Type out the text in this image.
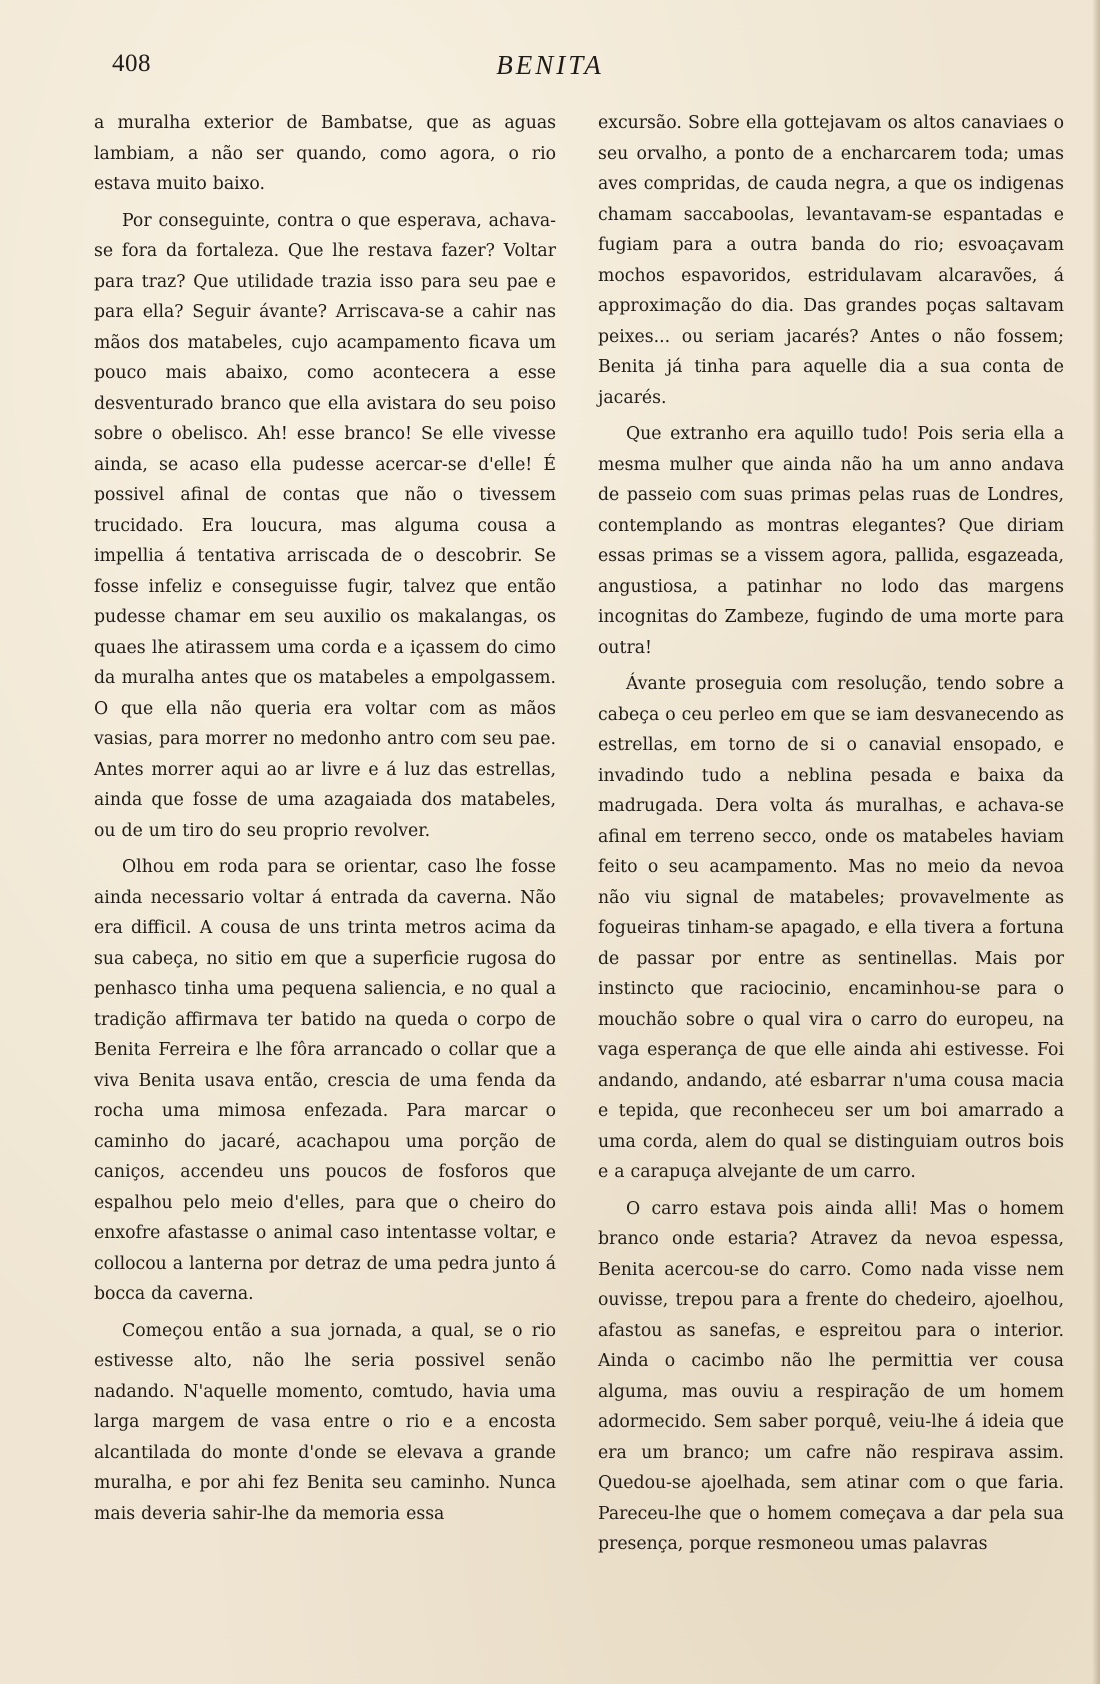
408	BENITA

a muralha exterior de Bambatse, que as aguas lambiam, a não ser quando, como agora, o rio estava muito baixo.

Por conseguinte, contra o que esperava, achava-se fora da fortaleza. Que lhe restava fazer? Voltar para traz? Que utilidade trazia isso para seu pae e para ella? Seguir ávante? Arriscava-se a cahir nas mãos dos matabeles, cujo acampamento ficava um pouco mais abaixo, como acontecera a esse desventurado branco que ella avistara do seu poiso sobre o obelisco. Ah! esse branco! Se elle vivesse ainda, se acaso ella pudesse acercar-se d'elle! É possivel afinal de contas que não o tivessem trucidado. Era loucura, mas alguma cousa a impellia á tentativa arriscada de o descobrir. Se fosse infeliz e conseguisse fugir, talvez que então pudesse chamar em seu auxilio os makalangas, os quaes lhe atirassem uma corda e a içassem do cimo da muralha antes que os matabeles a empolgassem. O que ella não queria era voltar com as mãos vasias, para morrer no medonho antro com seu pae. Antes morrer aqui ao ar livre e á luz das estrellas, ainda que fosse de uma azagaiada dos matabeles, ou de um tiro do seu proprio revolver.

Olhou em roda para se orientar, caso lhe fosse ainda necessario voltar á entrada da caverna. Não era difficil. A cousa de uns trinta metros acima da sua cabeça, no sitio em que a superficie rugosa do penhasco tinha uma pequena saliencia, e no qual a tradição affirmava ter batido na queda o corpo de Benita Ferreira e lhe fôra arrancado o collar que a viva Benita usava então, crescia de uma fenda da rocha uma mimosa enfezada. Para marcar o caminho do jacaré, acachapou uma porção de caniços, accendeu uns poucos de fosforos que espalhou pelo meio d'elles, para que o cheiro do enxofre afastasse o animal caso intentasse voltar, e collocou a lanterna por detraz de uma pedra junto á bocca da caverna.

Começou então a sua jornada, a qual, se o rio estivesse alto, não lhe seria possivel senão nadando. N'aquelle momento, comtudo, havia uma larga margem de vasa entre o rio e a encosta alcantilada do monte d'onde se elevava a grande muralha, e por ahi fez Benita seu caminho. Nunca mais deveria sahir-lhe da memoria essa

excursão. Sobre ella gottejavam os altos canaviaes o seu orvalho, a ponto de a encharcarem toda; umas aves compridas, de cauda negra, a que os indigenas chamam saccaboolas, levantavam-se espantadas e fugiam para a outra banda do rio; esvoaçavam mochos espavoridos, estridulavam alcaravões, á approximação do dia. Das grandes poças saltavam peixes... ou seriam jacarés? Antes o não fossem; Benita já tinha para aquelle dia a sua conta de jacarés.

Que extranho era aquillo tudo! Pois seria ella a mesma mulher que ainda não ha um anno andava de passeio com suas primas pelas ruas de Londres, contemplando as montras elegantes? Que diriam essas primas se a vissem agora, pallida, esgazeada, angustiosa, a patinhar no lodo das margens incognitas do Zambeze, fugindo de uma morte para outra!

Ávante proseguia com resolução, tendo sobre a cabeça o ceu perleo em que se iam desvanecendo as estrellas, em torno de si o canavial ensopado, e invadindo tudo a neblina pesada e baixa da madrugada. Dera volta ás muralhas, e achava-se afinal em terreno secco, onde os matabeles haviam feito o seu acampamento. Mas no meio da nevoa não viu signal de matabeles; provavelmente as fogueiras tinham-se apagado, e ella tivera a fortuna de passar por entre as sentinellas. Mais por instincto que raciocinio, encaminhou-se para o mouchão sobre o qual vira o carro do europeu, na vaga esperança de que elle ainda ahi estivesse. Foi andando, andando, até esbarrar n'uma cousa macia e tepida, que reconheceu ser um boi amarrado a uma corda, alem do qual se distinguiam outros bois e a carapuça alvejante de um carro.

O carro estava pois ainda alli! Mas o homem branco onde estaria? Atravez da nevoa espessa, Benita acercou-se do carro. Como nada visse nem ouvisse, trepou para a frente do chedeiro, ajoelhou, afastou as sanefas, e espreitou para o interior. Ainda o cacimbo não lhe permittia ver cousa alguma, mas ouviu a respiração de um homem adormecido. Sem saber porquê, veiu-lhe á ideia que era um branco; um cafre não respirava assim. Quedou-se ajoelhada, sem atinar com o que faria. Pareceu-lhe que o homem começava a dar pela sua presença, porque resmoneou umas palavras
